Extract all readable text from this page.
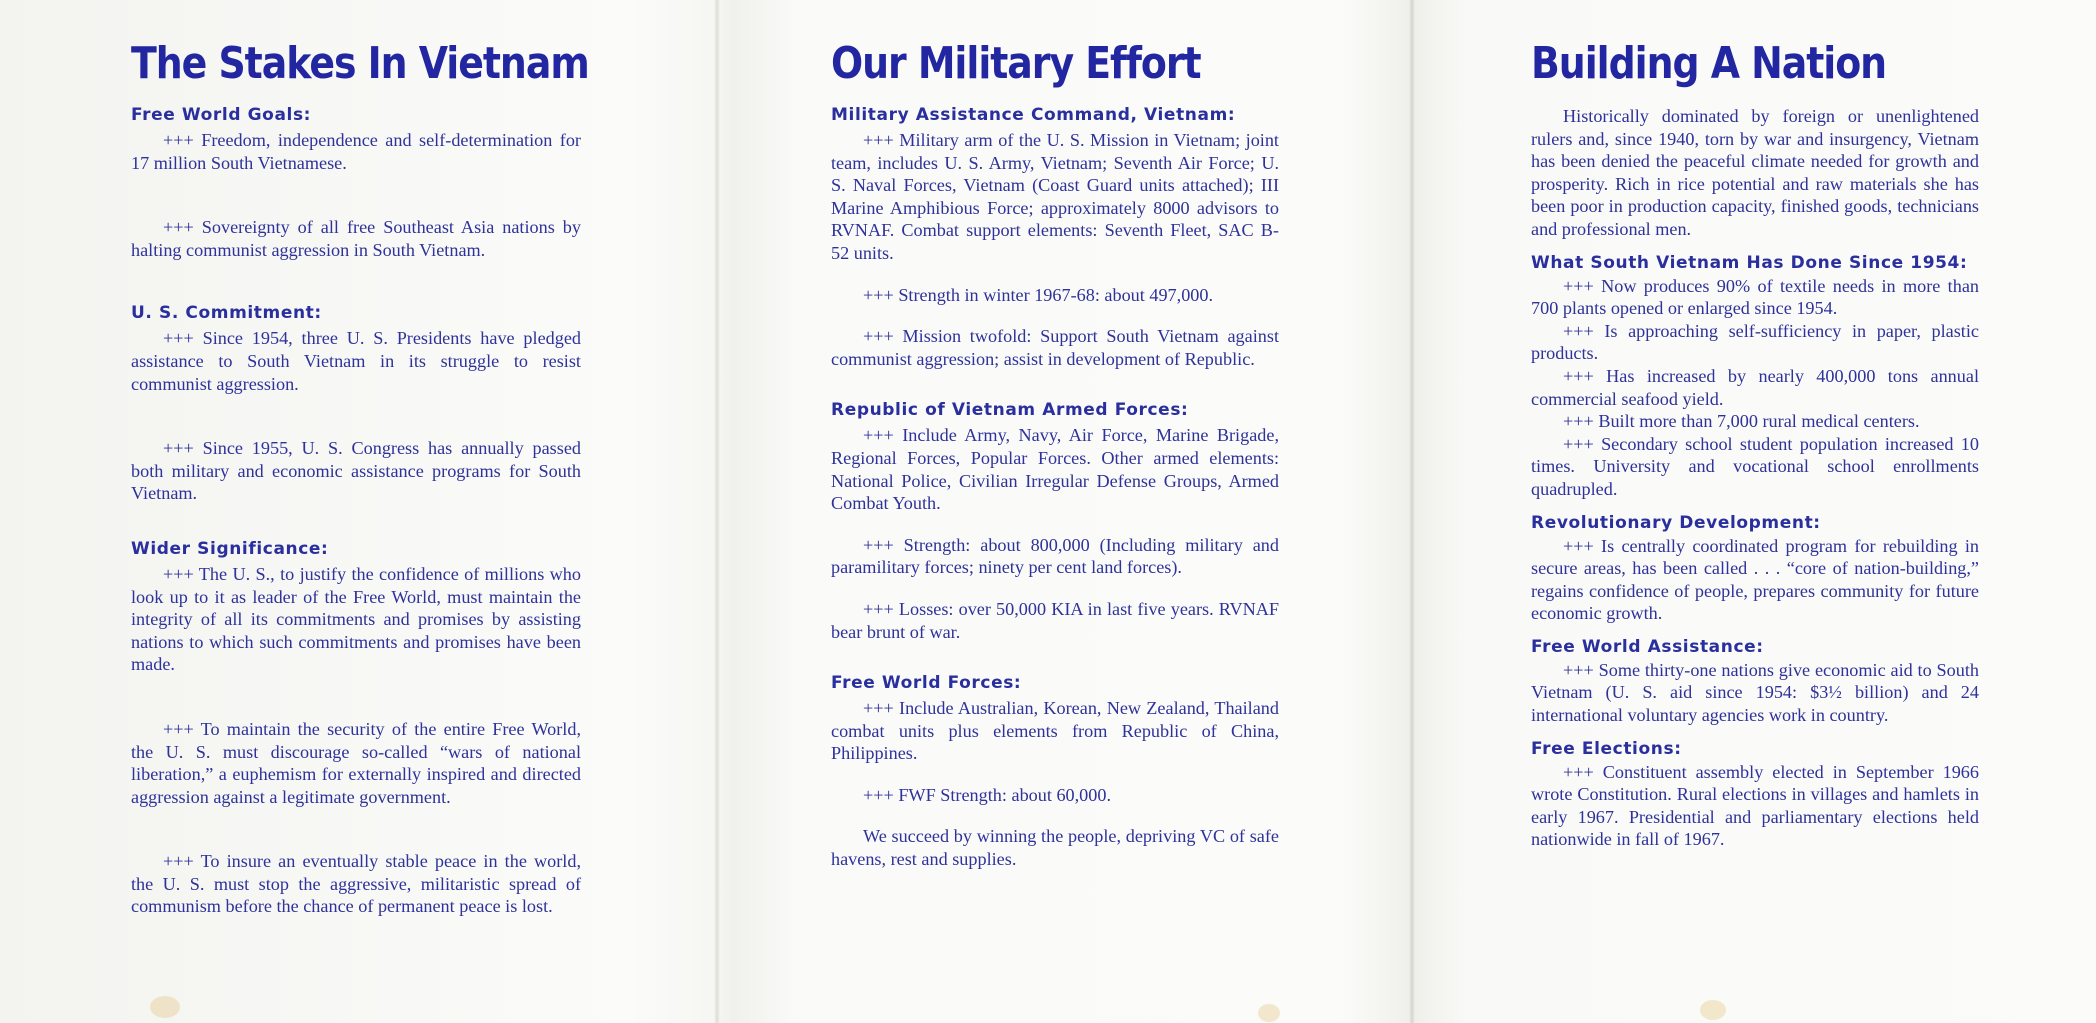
The Stakes In Vietnam
Free World Goals:

+++ Freedom, independence and self-determination for 17 million South Vietnamese.

+++ Sovereignty of all free Southeast Asia nations by halting communist aggression in South Vietnam.

U. S. Commitment:

+++ Since 1954, three U. S. Presidents have pledged assistance to South Vietnam in its struggle to resist communist aggression.

+++ Since 1955, U. S. Congress has annually passed both military and economic assistance programs for South Vietnam.

Wider Significance:

+++ The U. S., to justify the confidence of millions who look up to it as leader of the Free World, must maintain the integrity of all its commitments and promises by assisting nations to which such commitments and promises have been made.

+++ To maintain the security of the entire Free World, the U. S. must discourage so-called “wars of national liberation,” a euphemism for externally inspired and directed aggression against a legitimate government.

+++ To insure an eventually stable peace in the world, the U. S. must stop the aggressive, militaristic spread of communism before the chance of permanent peace is lost.

Our Military Effort
Military Assistance Command, Vietnam:

+++ Military arm of the U. S. Mission in Vietnam; joint team, includes U. S. Army, Vietnam; Seventh Air Force; U. S. Naval Forces, Vietnam (Coast Guard units attached); III Marine Amphibious Force; approximately 8000 advisors to RVNAF. Combat support elements: Seventh Fleet, SAC B-52 units.

+++ Strength in winter 1967-68: about 497,000.

+++ Mission twofold: Support South Vietnam against communist aggression; assist in development of Republic.

Republic of Vietnam Armed Forces:

+++ Include Army, Navy, Air Force, Marine Brigade, Regional Forces, Popular Forces. Other armed elements: National Police, Civilian Irregular Defense Groups, Armed Combat Youth.

+++ Strength: about 800,000 (Including military and paramilitary forces; ninety per cent land forces).

+++ Losses: over 50,000 KIA in last five years. RVNAF bear brunt of war.

Free World Forces:

+++ Include Australian, Korean, New Zealand, Thailand combat units plus elements from Republic of China, Philippines.

+++ FWF Strength: about 60,000.

We succeed by winning the people, depriving VC of safe havens, rest and supplies.

Building A Nation

Historically dominated by foreign or unenlightened rulers and, since 1940, torn by war and insurgency, Vietnam has been denied the peaceful climate needed for growth and prosperity. Rich in rice potential and raw materials she has been poor in production capacity, finished goods, technicians and professional men.

What South Vietnam Has Done Since 1954:

+++ Now produces 90% of textile needs in more than 700 plants opened or enlarged since 1954.

+++ Is approaching self-sufficiency in paper, plastic products.

+++ Has increased by nearly 400,000 tons annual commercial seafood yield.

+++ Built more than 7,000 rural medical centers.

+++ Secondary school student population increased 10 times. University and vocational school enrollments quadrupled.

Revolutionary Development:

+++ Is centrally coordinated program for rebuilding in secure areas, has been called . . . “core of nation-building,” regains confidence of people, prepares community for future economic growth.

Free World Assistance:

+++ Some thirty-one nations give economic aid to South Vietnam (U. S. aid since 1954: $3½ billion) and 24 international voluntary agencies work in country.

Free Elections:

+++ Constituent assembly elected in September 1966 wrote Constitution. Rural elections in villages and hamlets in early 1967. Presidential and parliamentary elections held nationwide in fall of 1967.
